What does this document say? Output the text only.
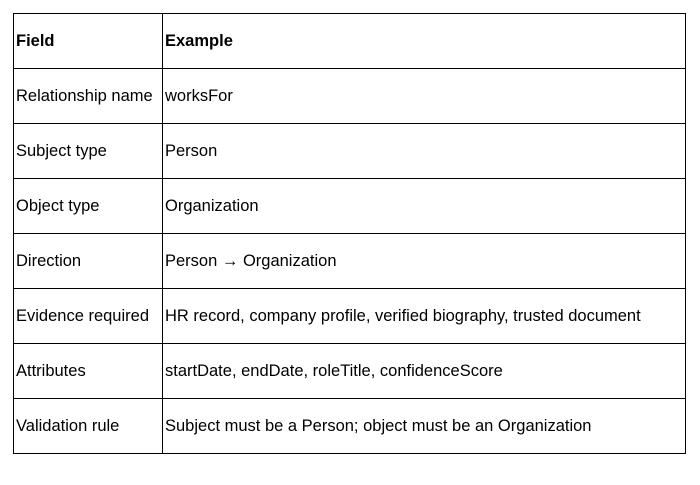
Field	Example
Relationship name	worksFor
Subject type	Person
Object type	Organization
Direction	Person → Organization
Evidence required	HR record, company profile, verified biography, trusted document
Attributes	startDate, endDate, roleTitle, confidenceScore
Validation rule	Subject must be a Person; object must be an Organization
